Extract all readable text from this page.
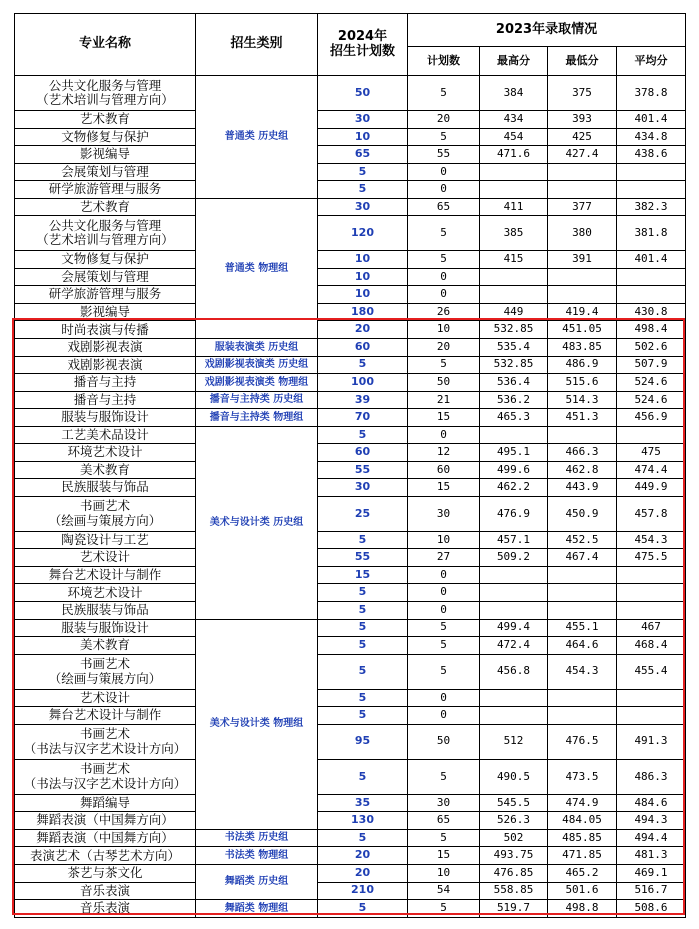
专业名称	招生类别	2024年
招生计划数	2023年录取情况			
			计划数	最高分	最低分	平均分

公共文化服务与管理
（艺术培训与管理方向）	普通类 历史组	50	5	384	375	378.8

艺术教育		30	20	434	393	401.4

文物修复与保护		10	5	454	425	434.8

影视编导		65	55	471.6	427.4	438.6

会展策划与管理		5	0			

研学旅游管理与服务		5	0			

艺术教育	普通类 物理组	30	65	411	377	382.3

公共文化服务与管理
（艺术培训与管理方向）		120	5	385	380	381.8

文物修复与保护		10	5	415	391	401.4

会展策划与管理		10	0			

研学旅游管理与服务		10	0			

影视编导		180	26	449	419.4	430.8

时尚表演与传播		20	10	532.85	451.05	498.4

戏剧影视表演	服装表演类 历史组	60	20	535.4	483.85	502.6

戏剧影视表演	戏剧影视表演类 历史组	5	5	532.85	486.9	507.9

播音与主持	戏剧影视表演类 物理组	100	50	536.4	515.6	524.6

播音与主持	播音与主持类 历史组	39	21	536.2	514.3	524.6

服装与服饰设计	播音与主持类 物理组	70	15	465.3	451.3	456.9

工艺美术品设计	美术与设计类 历史组	5	0			

环境艺术设计		60	12	495.1	466.3	475

美术教育		55	60	499.6	462.8	474.4

民族服装与饰品		30	15	462.2	443.9	449.9

书画艺术
（绘画与策展方向）		25	30	476.9	450.9	457.8

陶瓷设计与工艺		5	10	457.1	452.5	454.3

艺术设计		55	27	509.2	467.4	475.5

舞台艺术设计与制作		15	0			

环境艺术设计		5	0			

民族服装与饰品		5	0			

服装与服饰设计	美术与设计类 物理组	5	5	499.4	455.1	467

美术教育		5	5	472.4	464.6	468.4

书画艺术
（绘画与策展方向）		5	5	456.8	454.3	455.4

艺术设计		5	0			

舞台艺术设计与制作		5	0			

书画艺术
（书法与汉字艺术设计方向）		95	50	512	476.5	491.3

书画艺术
（书法与汉字艺术设计方向）		5	5	490.5	473.5	486.3

舞蹈编导		35	30	545.5	474.9	484.6

舞蹈表演（中国舞方向）		130	65	526.3	484.05	494.3

舞蹈表演（中国舞方向）	书法类 历史组	5	5	502	485.85	494.4

表演艺术（古琴艺术方向）	书法类 物理组	20	15	493.75	471.85	481.3

茶艺与茶文化	舞蹈类 历史组	20	10	476.85	465.2	469.1

音乐表演		210	54	558.85	501.6	516.7

音乐表演	舞蹈类 物理组	5	5	519.7	498.8	508.6
